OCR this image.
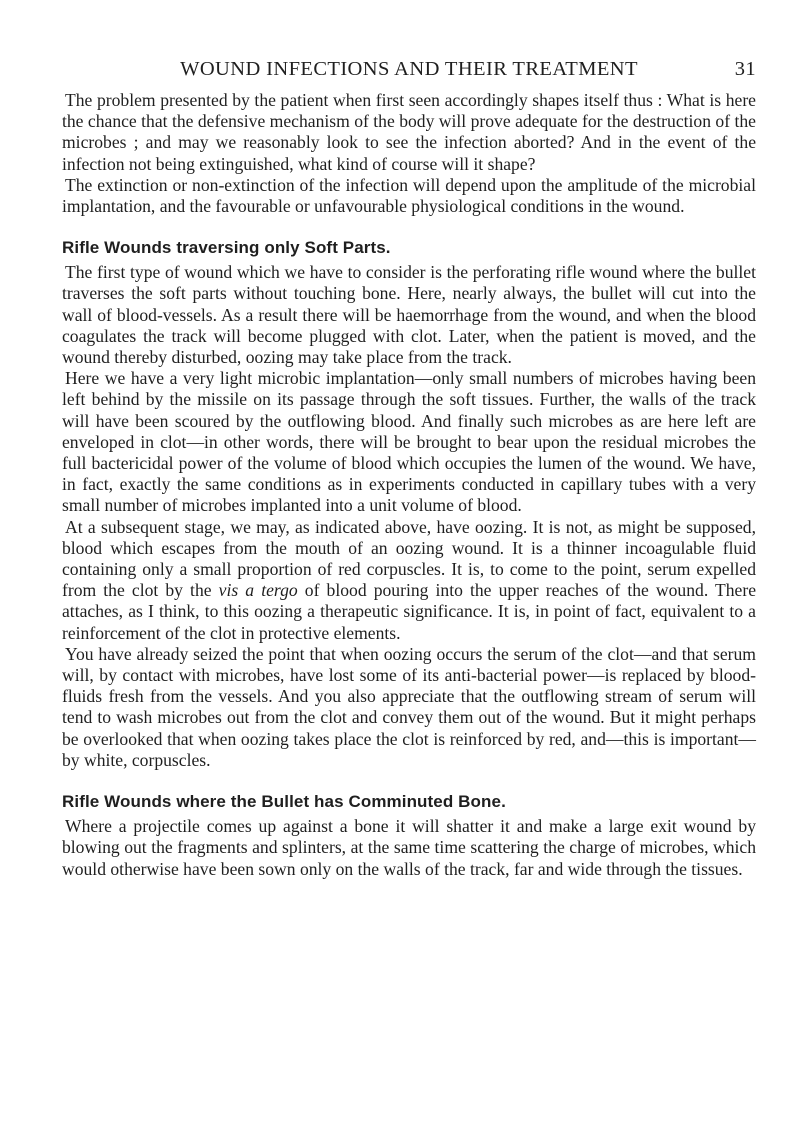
WOUND INFECTIONS AND THEIR TREATMENT	31

The problem presented by the patient when first seen accordingly shapes itself thus : What is here the chance that the defensive mechanism of the body will prove adequate for the destruction of the microbes ; and may we reasonably look to see the infection aborted? And in the event of the infection not being extinguished, what kind of course will it shape?

The extinction or non-extinction of the infection will depend upon the amplitude of the microbial implantation, and the favourable or unfavourable physiological conditions in the wound.

Rifle Wounds traversing only Soft Parts.

The first type of wound which we have to consider is the perforating rifle wound where the bullet traverses the soft parts without touching bone. Here, nearly always, the bullet will cut into the wall of blood-vessels. As a result there will be haemorrhage from the wound, and when the blood coagulates the track will become plugged with clot. Later, when the patient is moved, and the wound thereby disturbed, oozing may take place from the track.

Here we have a very light microbic implantation—only small numbers of microbes having been left behind by the missile on its passage through the soft tissues. Further, the walls of the track will have been scoured by the outflowing blood. And finally such microbes as are here left are enveloped in clot—in other words, there will be brought to bear upon the residual microbes the full bactericidal power of the volume of blood which occupies the lumen of the wound. We have, in fact, exactly the same conditions as in experiments conducted in capillary tubes with a very small number of microbes implanted into a unit volume of blood.

At a subsequent stage, we may, as indicated above, have oozing. It is not, as might be supposed, blood which escapes from the mouth of an oozing wound. It is a thinner incoagulable fluid containing only a small proportion of red corpuscles. It is, to come to the point, serum expelled from the clot by the vis a tergo of blood pouring into the upper reaches of the wound. There attaches, as I think, to this oozing a therapeutic significance. It is, in point of fact, equivalent to a reinforcement of the clot in protective elements.

You have already seized the point that when oozing occurs the serum of the clot—and that serum will, by contact with microbes, have lost some of its anti-bacterial power—is replaced by blood-fluids fresh from the vessels. And you also appreciate that the outflowing stream of serum will tend to wash microbes out from the clot and convey them out of the wound. But it might perhaps be overlooked that when oozing takes place the clot is reinforced by red, and—this is important—by white, corpuscles.

Rifle Wounds where the Bullet has Comminuted Bone.

Where a projectile comes up against a bone it will shatter it and make a large exit wound by blowing out the fragments and splinters, at the same time scattering the charge of microbes, which would otherwise have been sown only on the walls of the track, far and wide through the tissues.
